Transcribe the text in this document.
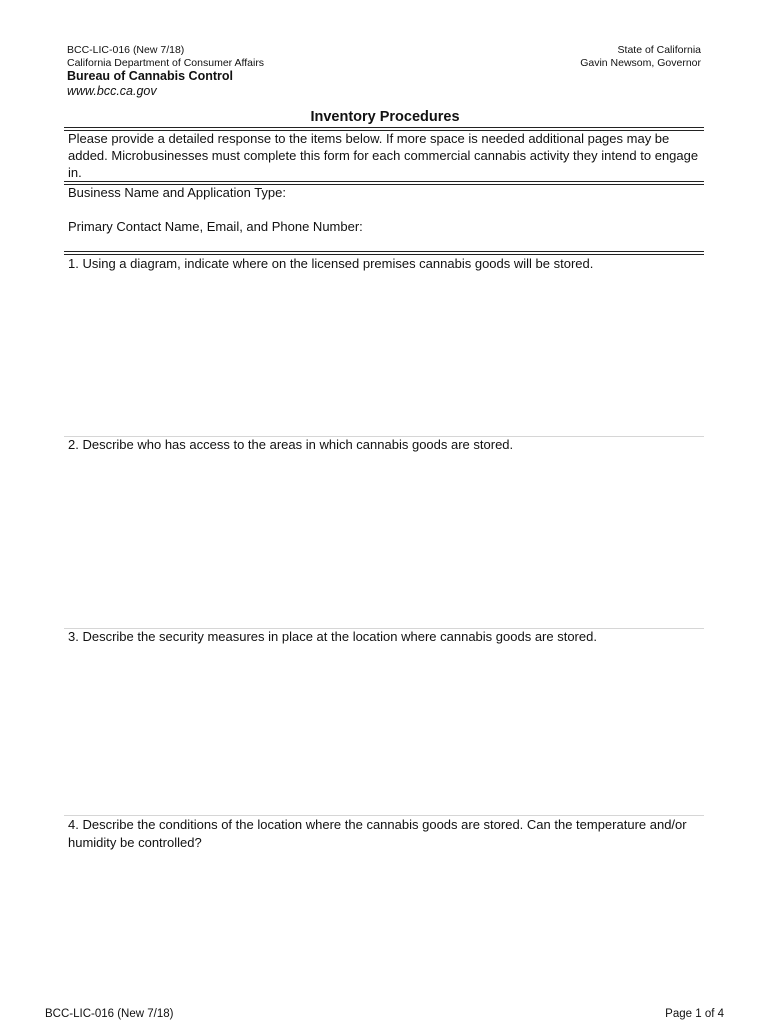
BCC-LIC-016 (New 7/18)
California Department of Consumer Affairs
Bureau of Cannabis Control
www.bcc.ca.gov
State of California
Gavin Newsom, Governor
Inventory Procedures
Please provide a detailed response to the items below. If more space is needed additional pages may be added. Microbusinesses must complete this form for each commercial cannabis activity they intend to engage in.
Business Name and Application Type:
Primary Contact Name, Email, and Phone Number:
1. Using a diagram, indicate where on the licensed premises cannabis goods will be stored.
2. Describe who has access to the areas in which cannabis goods are stored.
3. Describe the security measures in place at the location where cannabis goods are stored.
4. Describe the conditions of the location where the cannabis goods are stored. Can the temperature and/or humidity be controlled?
BCC-LIC-016 (New 7/18)	Page 1 of 4
